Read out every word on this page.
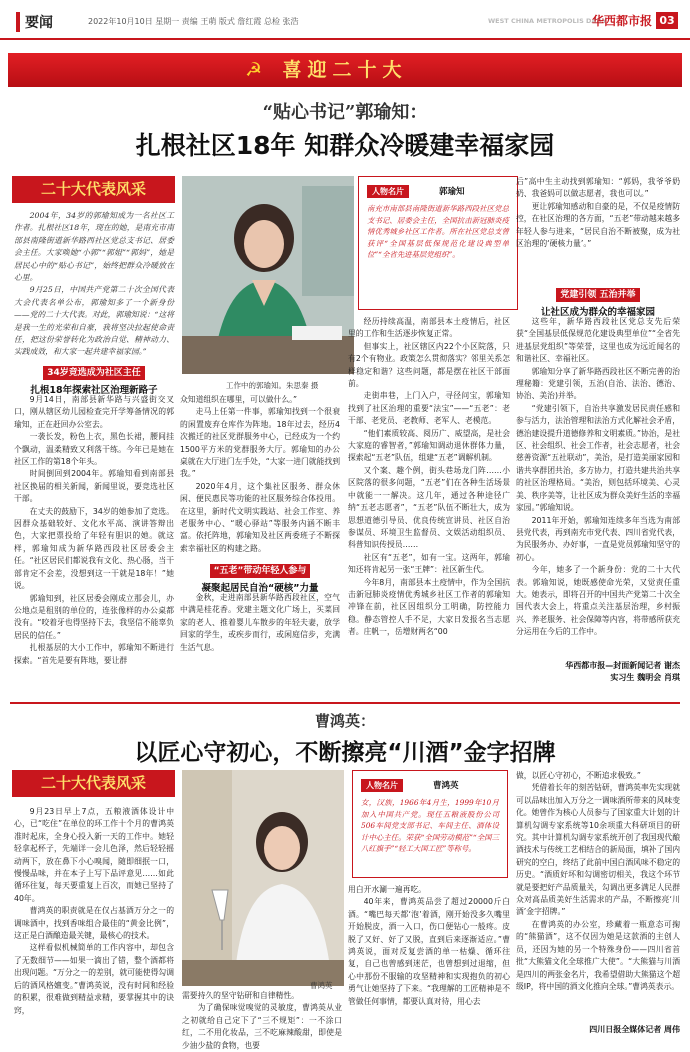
要闻	2022年10月10日 星期一 责编 王萌 版式 詹红霞 总检 张浩	WEST CHINA METROPOLIS DAILY
华西都市报 03
☭ 喜迎二十大
“贴心书记”郭瑜知：
扎根社区18年 知群众冷暖建幸福家园
二十大代表风采

2004年，34岁的郭瑜知成为一名社区工作者。扎根社区18年，现在的她，是南充市南部县南隆街道新华路西社区党总支书记、居委会主任。大家唤她“小郭”“郭姐”“郭妈”，她是居民心中的“贴心书记”，始终把群众冷暖放在心里。

9月25日，中国共产党第二十次全国代表大会代表名单公布，郭瑜知多了一个新身份——党的二十大代表。对此，郭瑜知说：“这将是我一生的光荣和自豪，我将坚决拉起使命责任，把这份荣誉转化为政治自觉、精神动力、实践成效，和大家一起共建幸福家园。”

34岁竞选成为社区主任
扎根18年探索社区治理新路子

9月14日，南部县新华路与兴盛街交叉口，刚从辖区幼儿园检查完开学筹备情况的郭瑜知，正在赶回办公室去。

一袭长发，粉色上衣，黑色长裙，腰间挂个飘动，温柔精致又利落干练。今年已是她在社区工作的第18个年头。

时间倒回到2004年。郭瑜知看到南部县社区换届的相关新闻，新闻里说，要竞选社区干部。

在丈夫的鼓励下，34岁的她参加了竞选。因群众基础较好、文化水平高、演讲答辩出色，大家把票投给了年轻有胆识的她。就这样，郭瑜知成为新华路西段社区居委会主任。“社区居民们都说我有文化、热心肠，当干部肯定不会差，没想到这一干就是18年！”她说。

郭瑜知到，社区居委会刚成立那会儿，办公地点是租别的单位的，连张像样的办公桌都没有。“咬着牙也得坚持下去，我坚信不能辜负居民的信任。”

扎根基层的大小工作中，郭瑜知不断进行探索。“首先是要有阵地，要让群

工作中的郭瑜知。朱思秦 摄
人物名片	郭瑜知
南充市南部县南隆街道新华路西段社区党总支书记、居委会主任，全国抗击新冠肺炎疫情优秀城乡社区工作者。所在社区党总支曾获评“全国基层低保规范化建设典型单位”“全省先进基层党组织”。

众知道组织在哪里，可以做什么。”

走马上任第一件事，郭瑜知找到一个很衰的闲置废弃仓库作为阵地。18年过去，经历4次搬迁的社区党群服务中心，已经成为一个约1500平方米的党群服务大厅。郭瑜知的办公桌就在大厅进门左手处，“大家一进门就能找到我。”

2020年4月，这个集社区服务、群众休闲、便民惠民等功能的社区服务综合体投用。在这里，新时代文明实践站、社会工作室、养老服务中心、“暖心驿站”等服务内涵不断丰富。依托阵地，郭瑜知及社区两委班子不断探索幸福社区的构建之路。

“五老”带动年轻人参与
凝聚起居民自治“硬核”力量

金秋，走进南部县新华路西段社区，空气中满是桂花香。党建主题文化广场上，买菜回家的老人、推着婴儿车散步的年轻夫妻，放学回家的学生，或疾步而行，或闲庭信步，充满生活气息。

经历持续高温，南部县本土疫情后，社区里的工作和生活逐步恢复正常。

但事实上，社区辖区内22个小区院落，只有2个有物业。政策怎么贯彻落实？邻里关系怎样稳定和谐？这些问题，都是摆在社区干部面前。

走街串巷，上门入户，寻径问宝，郭瑜知找到了社区治理的重要“法宝”——“五老”：老干部、老党员、老教师、老军人、老模范。

“他们素质较高、阅历广、威望高，是社会大家庭的睿智者，”郭瑜知调动退休群体力量，探索起“五老”队伍，组建“五老”调解机制。

又个案、趣个例，街头巷场龙门阵……小区院落的很多问题，“五老”们在各种生活场景中就能一一解决。这几年，通过各种途径广纳“五老志愿者”，“五老”队伍不断壮大，成为思想道德引导员、优良传统宣讲员、社区自治参谋员、环境卫生监督员、文娱活动组织员、科普知识传授员……

社区有“五老”，如有一宝。这两年，郭瑜知还将肯起另一张“王牌”：社区新生代。

今年8月，南部县本土疫情中，作为全国抗击新冠肺炎疫情优秀城乡社区工作者的郭瑜知冲锋在前，社区因组织分工明确，防控能力稳。静态管控人手不足，大家日发报名当志愿者。庄帆一，岳增财两名“00

后”高中生主动找到郭瑜知：“郭妈，我爷爷奶奶、我爸妈可以做志愿者，我也可以。”

更让郭瑜知感动和自豪的是，不仅是疫情防控，在社区治理的各方面，“五老”带动越来越多年轻人参与进来，“居民自治不断被聚，成为社区治理的‘硬核力量’。”

党建引领 五治并举
让社区成为群众的幸福家园

这些年，新华路西段社区党总支先后荣获“全国基层低保规范化建设典型单位”“全省先进基层党组织”等荣誉，这里也成为远近闻名的和谐社区、幸福社区。

郭瑜知分享了新华路西段社区不断完善的治理秘籍：党建引领，五治(自治、法治、德治、协治、美治)并举。

“党建引领下，自治共享激发居民责任感和参与活力，法治管理和法治方式化解社会矛盾，德治建设提升道德修养和文明素质。”协治，是社区、社会组织、社会工作者，社会志愿者，社会慈善资源“五社联动”，美治，是打造美丽家园和谐共享群团共治，多方协力，打造共建共治共享的社区治理格局。“美治，则包括环境美、心灵美、秩序美等，让社区成为群众美好生活的幸福家园。”郭瑜知说。

2011年开始，郭瑜知连续多年当选为南部县党代表，再到南充市党代表、四川省党代表，为民服务办、办好事，一直是党员郭瑜知坚守的初心。

今年，她多了一个新身份：党的二十大代表。郭瑜知说，她既感使命光荣，又觉责任重大。她表示，即将召开的中国共产党第二十次全国代表大会上，将重点关注基层治理，乡村振兴、养老服务、社会保障等内容，将带感所获充分运用在今后的工作中。

华西都市报—封面新闻记者 谢杰
实习生 魏明会 肖琪
曹鸿英：
以匠心守初心，不断擦亮“川酒”金字招牌
二十大代表风采

9月23日早上7点，五粮液酒体设计中心，已“吃住”在单位的环工作十个月的曹鸿英准时起床，全身心投入新一天的工作中。她轻轻拿起杯子，先端详一会儿色泽，然后轻轻摇动两下，放在鼻下小心嗅闻，随即细抿一口，慢慢品味，并在本子上写下品评意见……如此循环往复，每天要重复上百次，而她已坚持了40年。

曹鸿英的职责就是在仅占基酒万分之一的调味酒中，找到香味组合最佳的“黄金比例”，这正是白酒酿造最关键，最核心的技术。

这样看似机械简单的工作内容中，却包含了无数细节——如果一滴出了错，整个酒都将出现问题。“万分之一的差别，就可能使得勾调后的酒风格嬗变。”曹鸿英说，没有时间和经验的积累，很难做到精益求精，要掌握其中的诀窍，

曹鸿英

需要持久的坚守钻研和自律精性。

为了确保味觉嗅觉的灵敏度，曹鸿英从业之初就给自己定下了“三不规矩”：一不涂口红，二不用化妆品，三不吃麻辣酸甜，即使是少油少盐的食物，也要

人物名片	曹鸿英
女，汉族，1966年4月生，1999年10月加入中国共产党。现任五粮液股份公司506车间党支部书记、车间主任、酒体设计中心主任。荣获“全国劳动模范”“全国三八红旗手”“轻工大国工匠”等称号。

用白开水涮一遍再吃。

40年来，曹鸿英品尝了超过20000斤白酒。“嘴巴每天都‘泡’着酒，刚开始没多久嘴里开始脱皮，酒一入口，伤口便钻心一般疼。皮脱了又好、好了又脱，直到后来逐渐适应。”曹鸿英说，面对反复尝酒的单一枯燥、循环往复，自己也曾感到迷茫，也曾想到过退缩，但心中那份不服输的攻坚精神和实现抱负的初心勇气让她坚持了下来。“我理解的工匠精神是不管做任何事情，都要认真对待，用心去

做，以匠心守初心，不断追求极致。”

凭借着长年的刻苦钻研，曹鸿英率先实现就可以品味出加入万分之一调味酒所带来的风味变化。她曾作为核心人员参与了国家重大计划的计算机勾调专家系统等10余项重大科研项目的研究。其中计算机勾调专家系统开创了我国现代酿酒技术与传统工艺相结合的新局面，填补了国内研究的空白，终结了此前中国白酒风味不稳定的历史。“酒质好坏和勾调密切相关，我这个环节就是要把好产品质量关，勾调出更多满足人民群众对高品质美好生活需求的产品，不断擦亮‘川酒’金字招牌。”

在曹鸿英的办公室，珍藏着一瓶意态可掬的“熊猫酒”，这不仅因为她是这款酒的主创人员，还因为她的另一个特殊身份——四川省首批“大熊猫文化全球推广大使”。“大熊猫与川酒是四川的两张金名片，我希望借助大熊猫这个超级IP，将中国的酒文化推向全球。”曹鸿英表示。

四川日报全媒体记者 周伟
